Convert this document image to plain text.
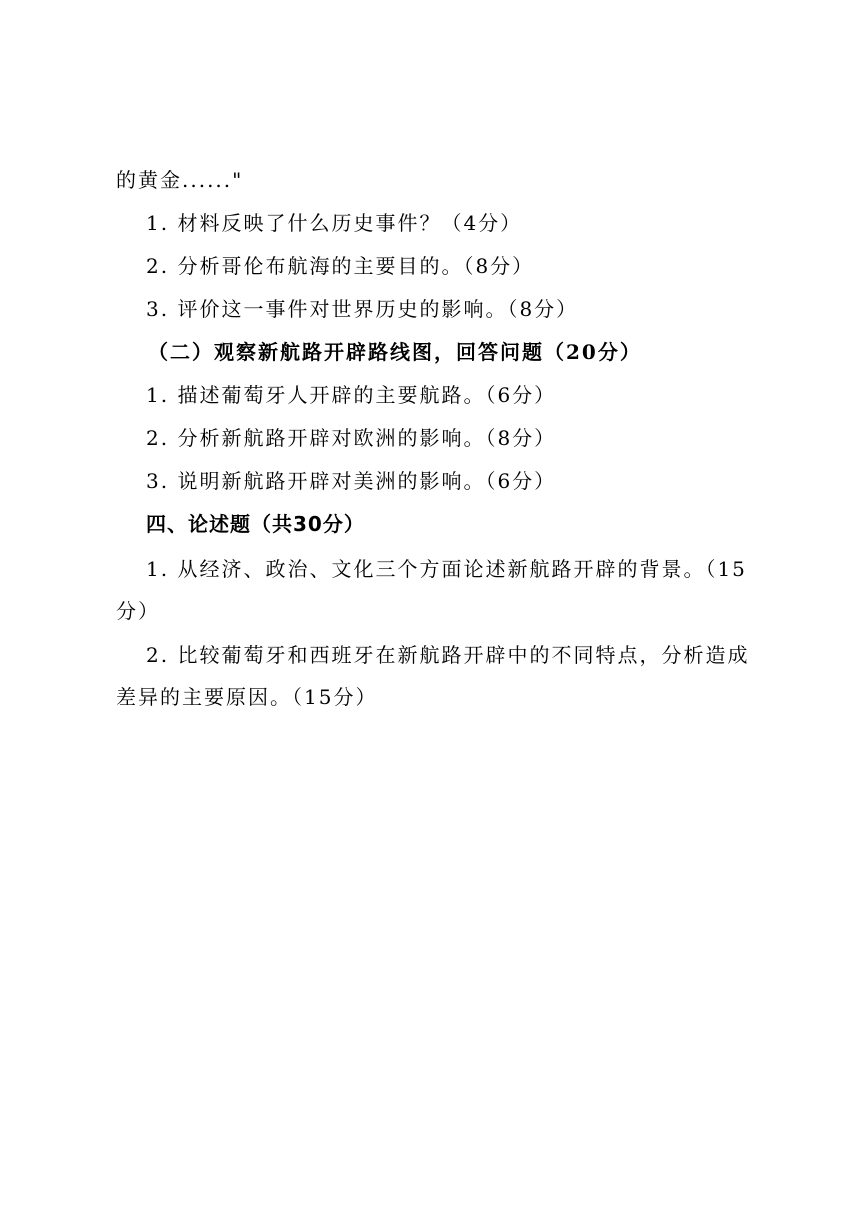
的黄金......"
1. 材料反映了什么历史事件？（4分）
2. 分析哥伦布航海的主要目的。（8分）
3. 评价这一事件对世界历史的影响。（8分）
（二）观察新航路开辟路线图，回答问题（20分）
1. 描述葡萄牙人开辟的主要航路。（6分）
2. 分析新航路开辟对欧洲的影响。（8分）
3. 说明新航路开辟对美洲的影响。（6分）
四、论述题（共30分）
1. 从经济、政治、文化三个方面论述新航路开辟的背景。（15分）
2. 比较葡萄牙和西班牙在新航路开辟中的不同特点，分析造成差异的主要原因。（15分）
